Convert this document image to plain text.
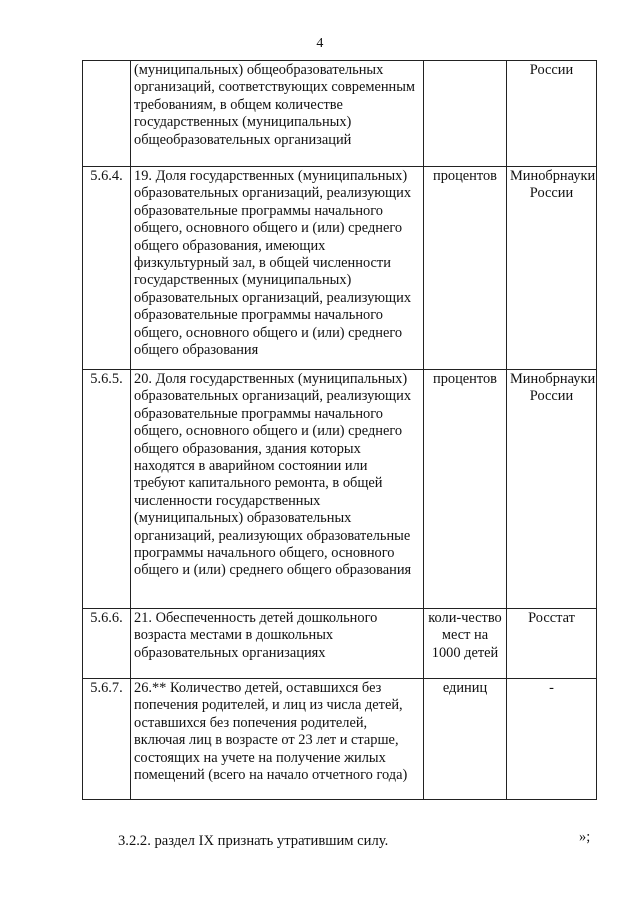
4
	(муниципальных) общеобразовательных организаций, соответствующих современным требованиям, в общем количестве государственных (муниципальных) общеобразовательных организаций		России
5.6.4.	19. Доля государственных (муниципальных) образовательных организаций, реализующих образовательные программы начального общего, основного общего и (или) среднего общего образования, имеющих физкультурный зал, в общей численности государственных (муниципальных) образовательных организаций, реализующих образовательные программы начального общего, основного общего и (или) среднего общего образования	процентов	Минобрнауки России
5.6.5.	20. Доля государственных (муниципальных) образовательных организаций, реализующих образовательные программы начального общего, основного общего и (или) среднего общего образования, здания которых находятся в аварийном состоянии или требуют капитального ремонта, в общей численности государственных (муниципальных) образовательных организаций, реализующих образовательные программы начального общего, основного общего и (или) среднего общего образования	процентов	Минобрнауки России
5.6.6.	21. Обеспеченность детей дошкольного возраста местами в дошкольных образовательных организациях	коли-чество мест на 1000 детей	Росстат
5.6.7.	26.** Количество детей, оставшихся без попечения родителей, и лиц из числа детей, оставшихся без попечения родителей, включая лиц в возрасте от 23 лет и старше, состоящих на учете на получение жилых помещений (всего на начало отчетного года)	единиц	-
»;
3.2.2. раздел IX признать утратившим силу.
